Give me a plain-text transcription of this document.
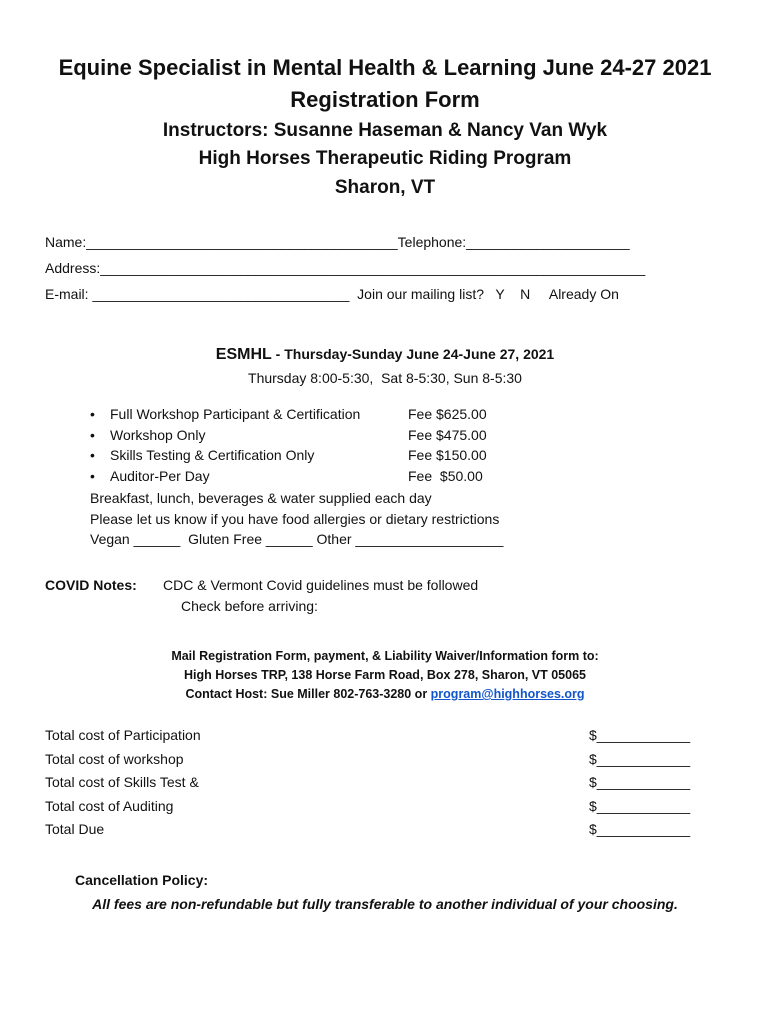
Equine Specialist in Mental Health & Learning June 24-27 2021
Registration Form
Instructors: Susanne Haseman & Nancy Van Wyk
High Horses Therapeutic Riding Program
Sharon, VT
Name:________________________________________Telephone:_____________________
Address:______________________________________________________________________
E-mail: _________________________________  Join our mailing list?   Y    N     Already On
ESMHL - Thursday-Sunday June 24-June 27, 2021
Thursday 8:00-5:30,  Sat 8-5:30, Sun 8-5:30
• Full Workshop Participant & Certification	Fee $625.00
• Workshop Only	Fee $475.00
• Skills Testing & Certification Only	Fee $150.00
• Auditor-Per Day	Fee  $50.00
Breakfast, lunch, beverages & water supplied each day
Please let us know if you have food allergies or dietary restrictions
Vegan ______  Gluten Free ______ Other ___________________
COVID Notes: CDC & Vermont Covid guidelines must be followed
Check before arriving:
Mail Registration Form, payment, & Liability Waiver/Information form to:
High Horses TRP, 138 Horse Farm Road, Box 278, Sharon, VT 05065
Contact Host: Sue Miller 802-763-3280 or program@highhorses.org
Total cost of Participation	$____________
Total cost of workshop	$____________
Total cost of Skills Test &	$____________
Total cost of Auditing	$____________
Total Due	$____________
Cancellation Policy:
All fees are non-refundable but fully transferable to another individual of your choosing.
